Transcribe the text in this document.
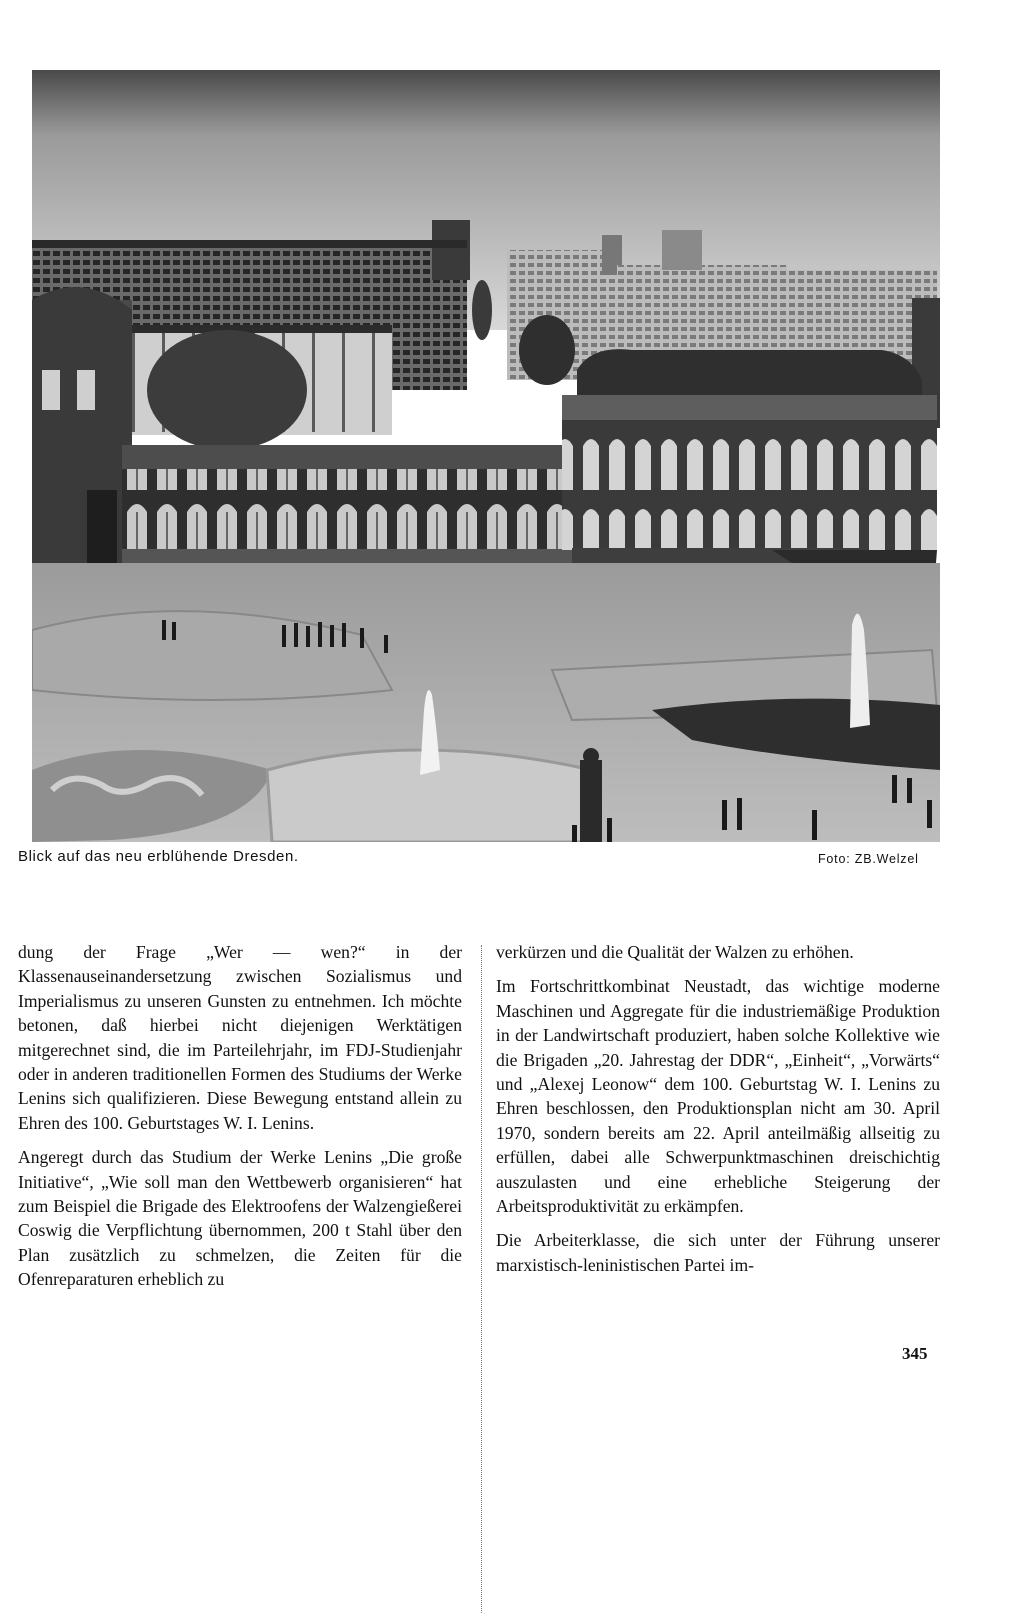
Blick auf das neu erblühende Dresden.	Foto: ZB.Welzel

dung der Frage „Wer — wen?“ in der Klassenauseinandersetzung zwischen Sozialismus und Imperialismus zu unseren Gunsten zu entnehmen. Ich möchte betonen, daß hierbei nicht diejenigen Werktätigen mitgerechnet sind, die im Parteilehrjahr, im FDJ-Studienjahr oder in anderen traditionellen Formen des Studiums der Werke Lenins sich qualifizieren. Diese Bewegung entstand allein zu Ehren des 100. Geburtstages W. I. Lenins.

Angeregt durch das Studium der Werke Lenins „Die große Initiative“, „Wie soll man den Wettbewerb organisieren“ hat zum Beispiel die Brigade des Elektroofens der Walzengießerei Coswig die Verpflichtung übernommen, 200 t Stahl über den Plan zusätzlich zu schmelzen, die Zeiten für die Ofenreparaturen erheblich zu

verkürzen und die Qualität der Walzen zu erhöhen.

Im Fortschrittkombinat Neustadt, das wichtige moderne Maschinen und Aggregate für die industriemäßige Produktion in der Landwirtschaft produziert, haben solche Kollektive wie die Brigaden „20. Jahrestag der DDR“, „Einheit“, „Vorwärts“ und „Alexej Leonow“ dem 100. Geburtstag W. I. Lenins zu Ehren beschlossen, den Produktionsplan nicht am 30. April 1970, sondern bereits am 22. April anteilmäßig allseitig zu erfüllen, dabei alle Schwerpunktmaschinen dreischichtig auszulasten und eine erhebliche Steigerung der Arbeitsproduktivität zu erkämpfen.

Die Arbeiterklasse, die sich unter der Führung unserer marxistisch-leninistischen Partei im-

345
